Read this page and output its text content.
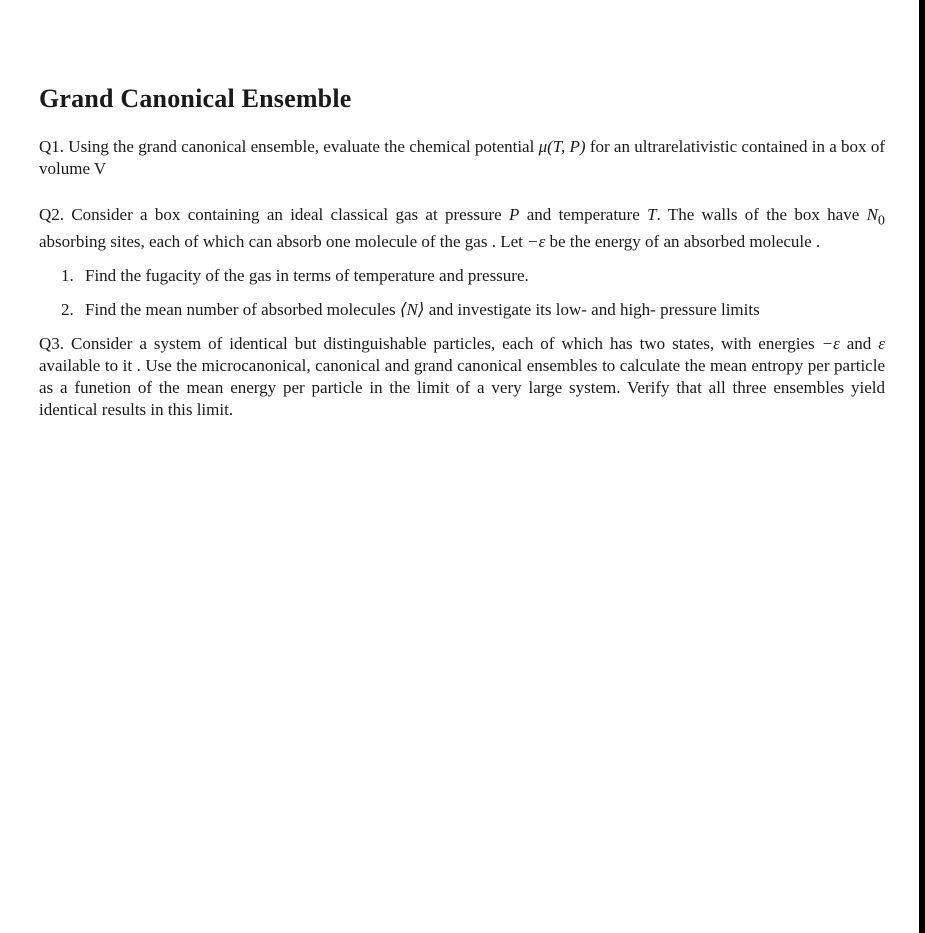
Grand Canonical Ensemble

Q1. Using the grand canonical ensemble, evaluate the chemical potential μ(T, P) for an ultrarelativistic contained in a box of volume V

Q2. Consider a box containing an ideal classical gas at pressure P and temperature T. The walls of the box have $N_0$ absorbing sites, each of which can absorb one molecule of the gas . Let −ε be the energy of an absorbed molecule .

1. Find the fugacity of the gas in terms of temperature and pressure.
2. Find the mean number of absorbed molecules ⟨N⟩ and investigate its low- and high- pressure limits

Q3. Consider a system of identical but distinguishable particles, each of which has two states, with energies −ε and ε available to it . Use the microcanonical, canonical and grand canonical ensembles to calculate the mean entropy per particle as a funetion of the mean energy per particle in the limit of a very large system. Verify that all three ensembles yield identical results in this limit.
